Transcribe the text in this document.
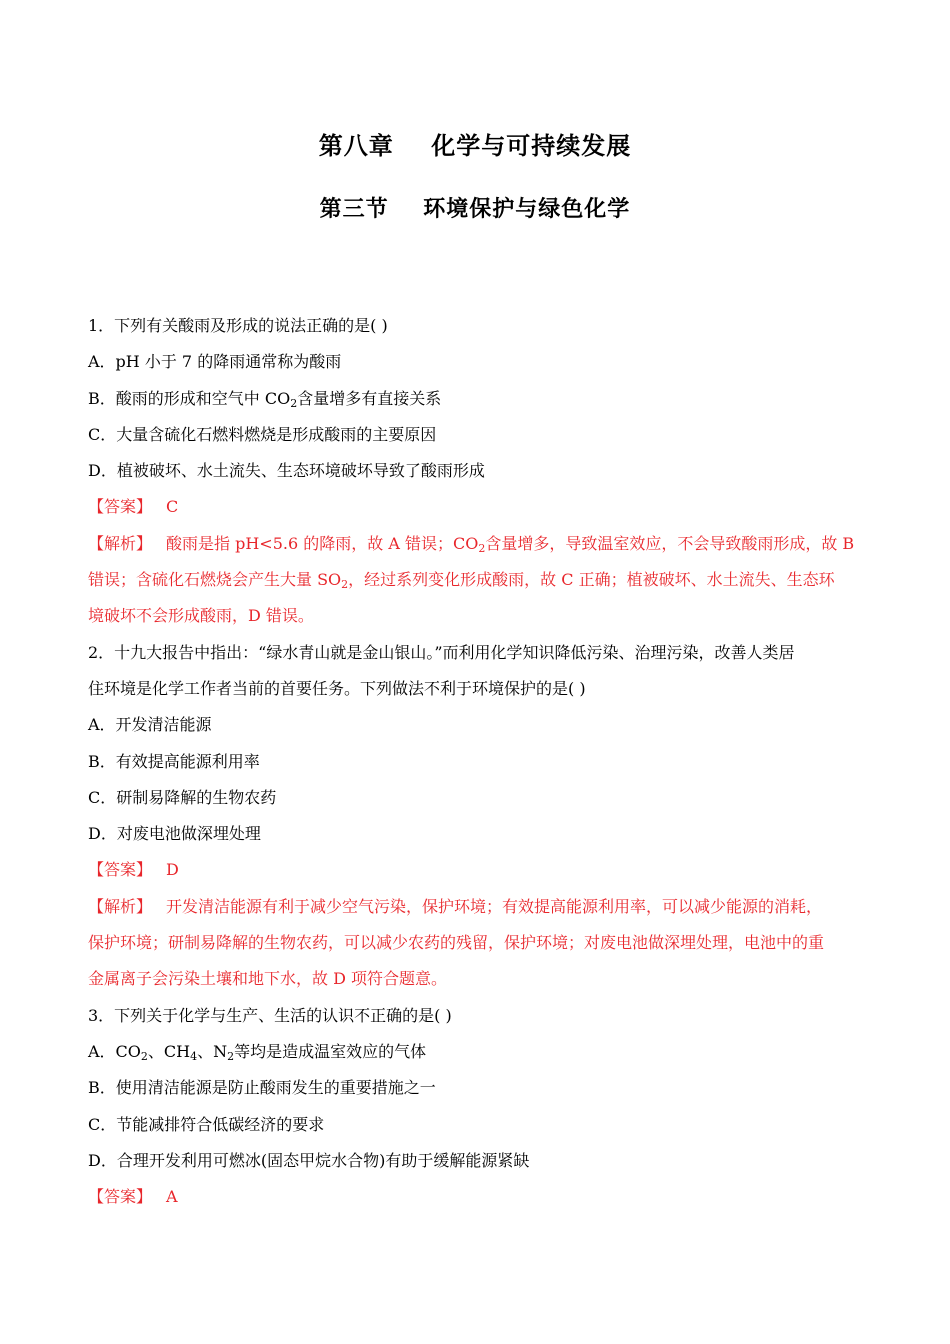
第八章    化学与可持续发展
第三节    环境保护与绿色化学
1．下列有关酸雨及形成的说法正确的是( )
A．pH 小于 7 的降雨通常称为酸雨
B．酸雨的形成和空气中 $CO_2$含量增多有直接关系
C．大量含硫化石燃料燃烧是形成酸雨的主要原因
D．植被破坏、水土流失、生态环境破坏导致了酸雨形成
【答案】 C
【解析】 酸雨是指 pH<5.6 的降雨，故 A 错误；$CO_2$含量增多，导致温室效应，不会导致酸雨形成，故 B
错误；含硫化石燃烧会产生大量 $SO_2$，经过系列变化形成酸雨，故 C 正确；植被破坏、水土流失、生态环
境破坏不会形成酸雨，D 错误。
2．十九大报告中指出：“绿水青山就是金山银山。”而利用化学知识降低污染、治理污染，改善人类居
住环境是化学工作者当前的首要任务。下列做法不利于环境保护的是( )
A．开发清洁能源
B．有效提高能源利用率
C．研制易降解的生物农药
D．对废电池做深埋处理
【答案】 D
【解析】 开发清洁能源有利于减少空气污染，保护环境；有效提高能源利用率，可以减少能源的消耗，
保护环境；研制易降解的生物农药，可以减少农药的残留，保护环境；对废电池做深埋处理，电池中的重
金属离子会污染土壤和地下水，故 D 项符合题意。
3．下列关于化学与生产、生活的认识不正确的是( )
A．$CO_2$、$CH_4$、$N_2$等均是造成温室效应的气体
B．使用清洁能源是防止酸雨发生的重要措施之一
C．节能减排符合低碳经济的要求
D．合理开发利用可燃冰(固态甲烷水合物)有助于缓解能源紧缺
【答案】 A
